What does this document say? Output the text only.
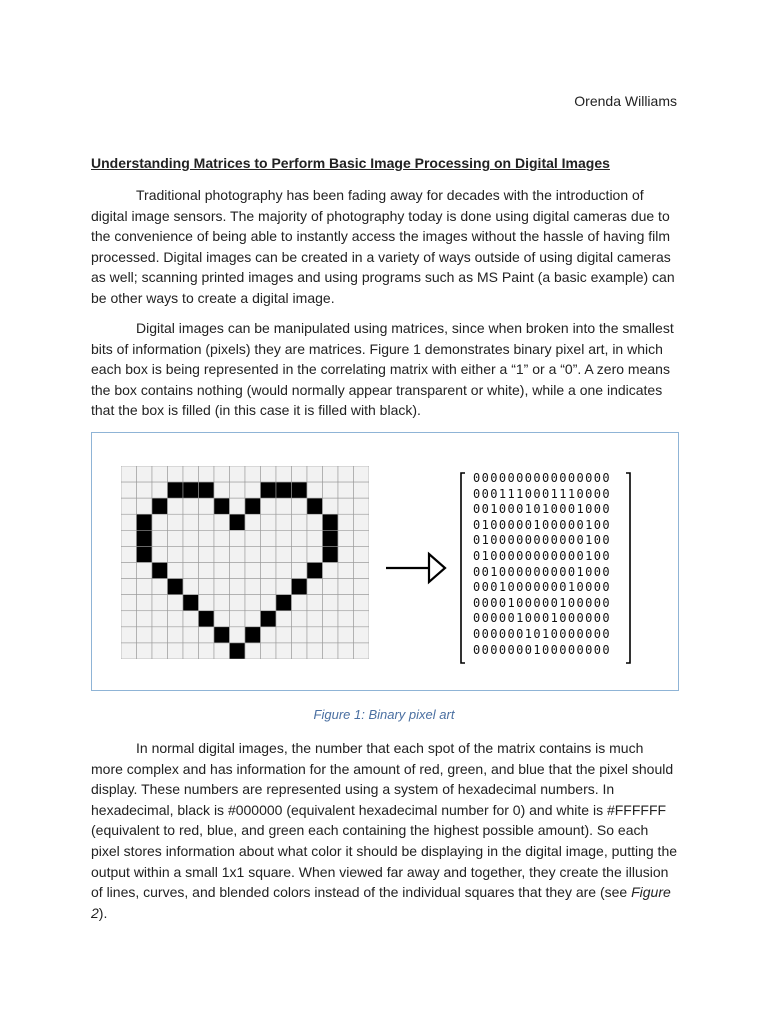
Orenda Williams
Understanding Matrices to Perform Basic Image Processing on Digital Images

Traditional photography has been fading away for decades with the introduction of digital image sensors. The majority of photography today is done using digital cameras due to the convenience of being able to instantly access the images without the hassle of having film processed. Digital images can be created in a variety of ways outside of using digital cameras as well; scanning printed images and using programs such as MS Paint (a basic example) can be other ways to create a digital image.

Digital images can be manipulated using matrices, since when broken into the smallest bits of information (pixels) they are matrices. Figure 1 demonstrates binary pixel art, in which each box is being represented in the correlating matrix with either a “1” or a “0”. A zero means the box contains nothing (would normally appear transparent or white), while a one indicates that the box is filled (in this case it is filled with black).

0000000000000000
0001110001110000
0010001010001000
0100000100000100
0100000000000100
0100000000000100
0010000000001000
0001000000010000
0000100000100000
0000010001000000
0000001010000000
0000000100000000
Figure 1: Binary pixel art

In normal digital images, the number that each spot of the matrix contains is much more complex and has information for the amount of red, green, and blue that the pixel should display. These numbers are represented using a system of hexadecimal numbers. In hexadecimal, black is #000000 (equivalent hexadecimal number for 0) and white is #FFFFFF (equivalent to red, blue, and green each containing the highest possible amount). So each pixel stores information about what color it should be displaying in the digital image, putting the output within a small 1x1 square. When viewed far away and together, they create the illusion of lines, curves, and blended colors instead of the individual squares that they are (see Figure 2).
